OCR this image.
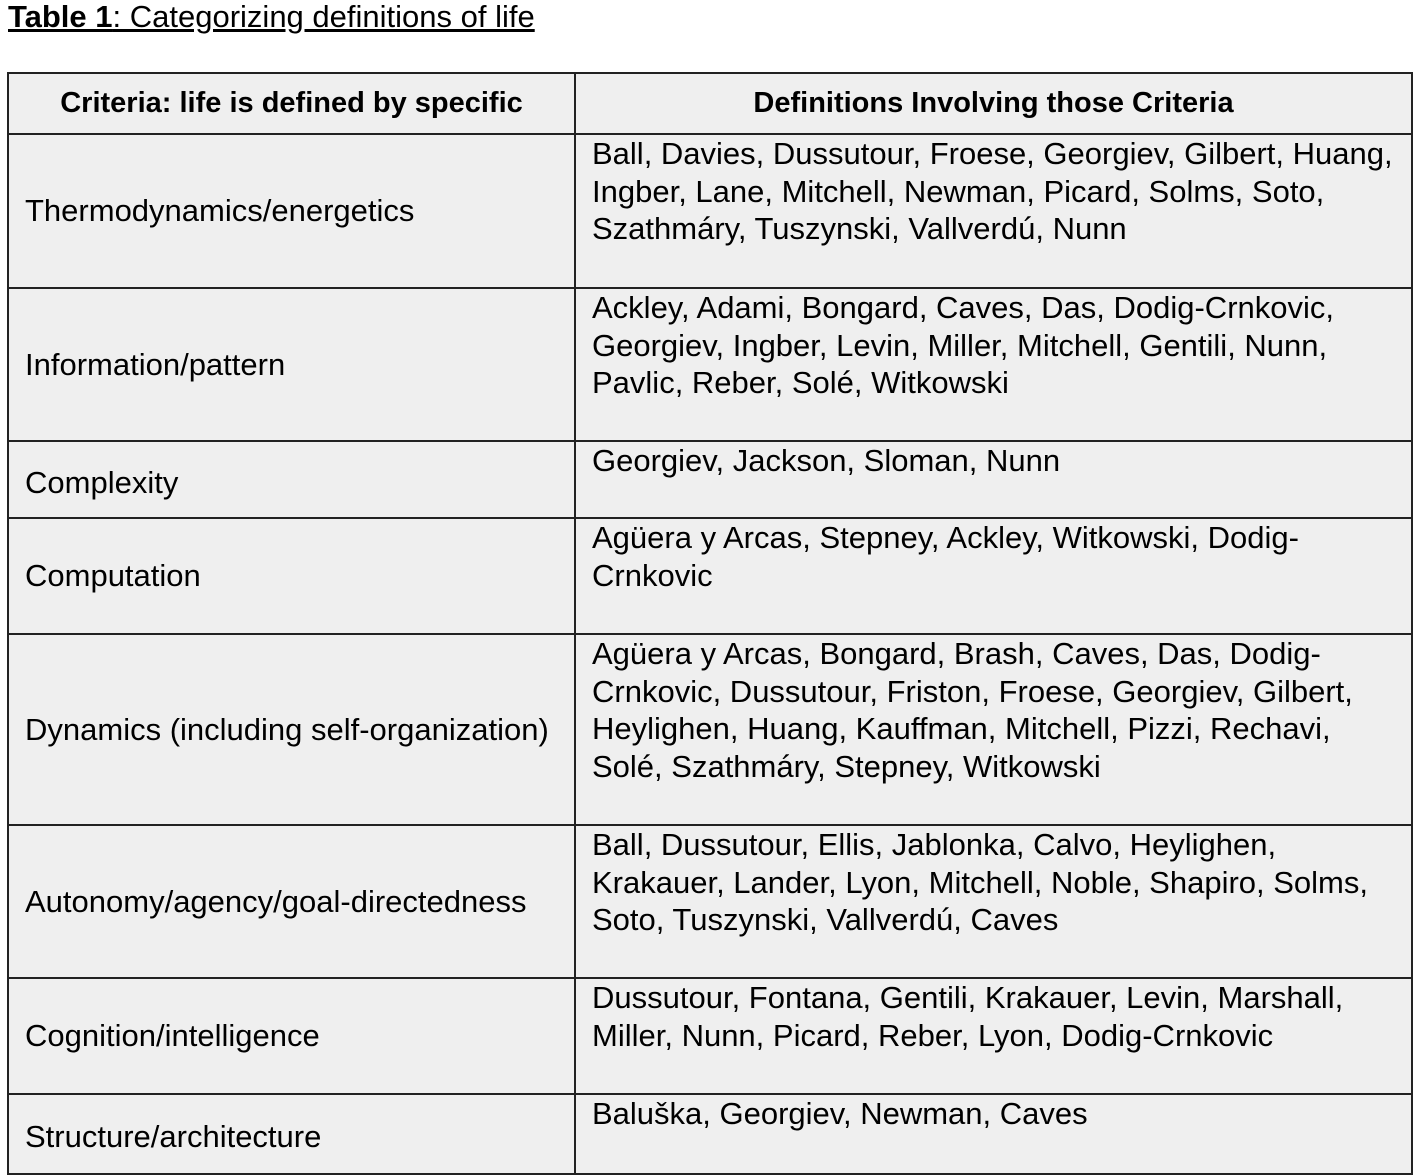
Table 1: Categorizing definitions of life
Criteria: life is defined by specific	Definitions Involving those Criteria
Thermodynamics/energetics	Ball, Davies, Dussutour, Froese, Georgiev, Gilbert, Huang, Ingber, Lane, Mitchell, Newman, Picard, Solms, Soto, Szathmáry, Tuszynski, Vallverdú, Nunn
Information/pattern	Ackley, Adami, Bongard, Caves, Das, Dodig-Crnkovic, Georgiev, Ingber, Levin, Miller, Mitchell, Gentili, Nunn, Pavlic, Reber, Solé, Witkowski
Complexity	Georgiev, Jackson, Sloman, Nunn
Computation	Agüera y Arcas, Stepney, Ackley, Witkowski, Dodig-Crnkovic
Dynamics (including self-organization)	Agüera y Arcas, Bongard, Brash, Caves, Das, Dodig-Crnkovic, Dussutour, Friston, Froese, Georgiev, Gilbert, Heylighen, Huang, Kauffman, Mitchell, Pizzi, Rechavi, Solé, Szathmáry, Stepney, Witkowski
Autonomy/agency/goal-directedness	Ball, Dussutour, Ellis, Jablonka, Calvo, Heylighen, Krakauer, Lander, Lyon, Mitchell, Noble, Shapiro, Solms, Soto, Tuszynski, Vallverdú, Caves
Cognition/intelligence	Dussutour, Fontana, Gentili, Krakauer, Levin, Marshall, Miller, Nunn, Picard, Reber, Lyon, Dodig-Crnkovic
Structure/architecture	Baluška, Georgiev, Newman, Caves
